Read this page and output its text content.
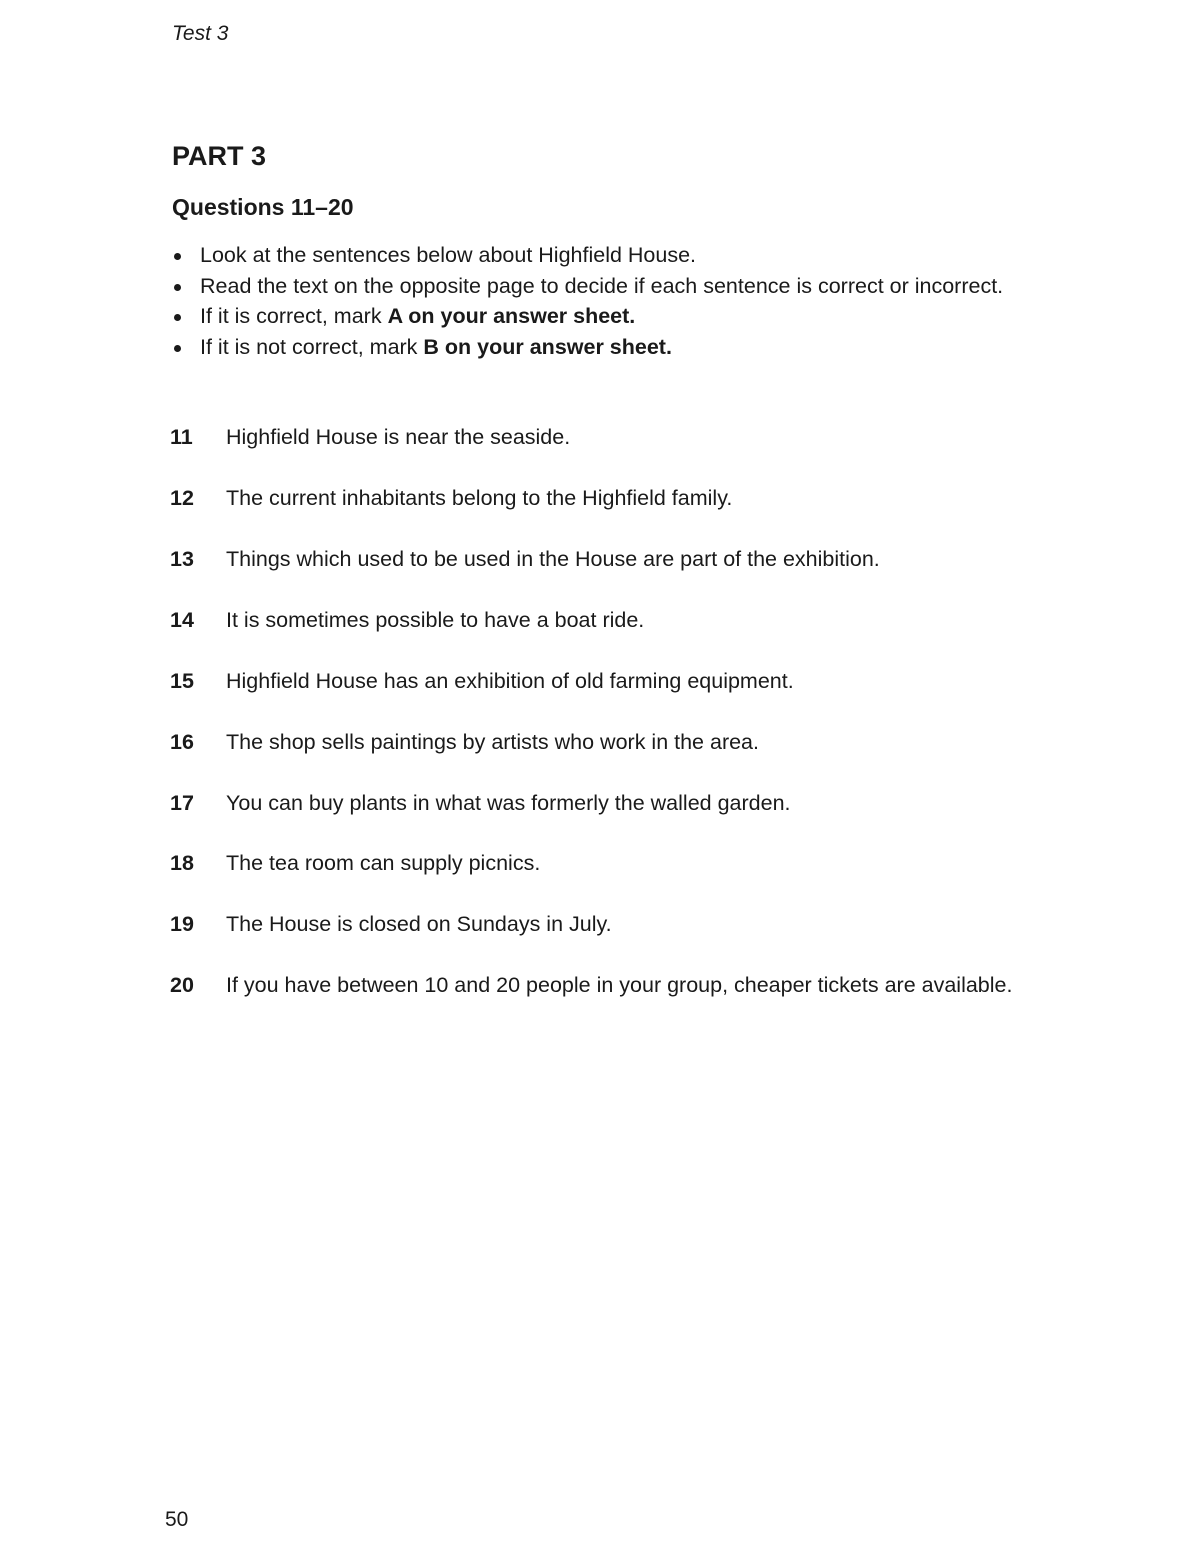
Test 3
PART 3
Questions 11–20
Look at the sentences below about Highfield House.
Read the text on the opposite page to decide if each sentence is correct or incorrect.
If it is correct, mark A on your answer sheet.
If it is not correct, mark B on your answer sheet.
11 Highfield House is near the seaside.
12 The current inhabitants belong to the Highfield family.
13 Things which used to be used in the House are part of the exhibition.
14 It is sometimes possible to have a boat ride.
15 Highfield House has an exhibition of old farming equipment.
16 The shop sells paintings by artists who work in the area.
17 You can buy plants in what was formerly the walled garden.
18 The tea room can supply picnics.
19 The House is closed on Sundays in July.
20 If you have between 10 and 20 people in your group, cheaper tickets are available.
50
